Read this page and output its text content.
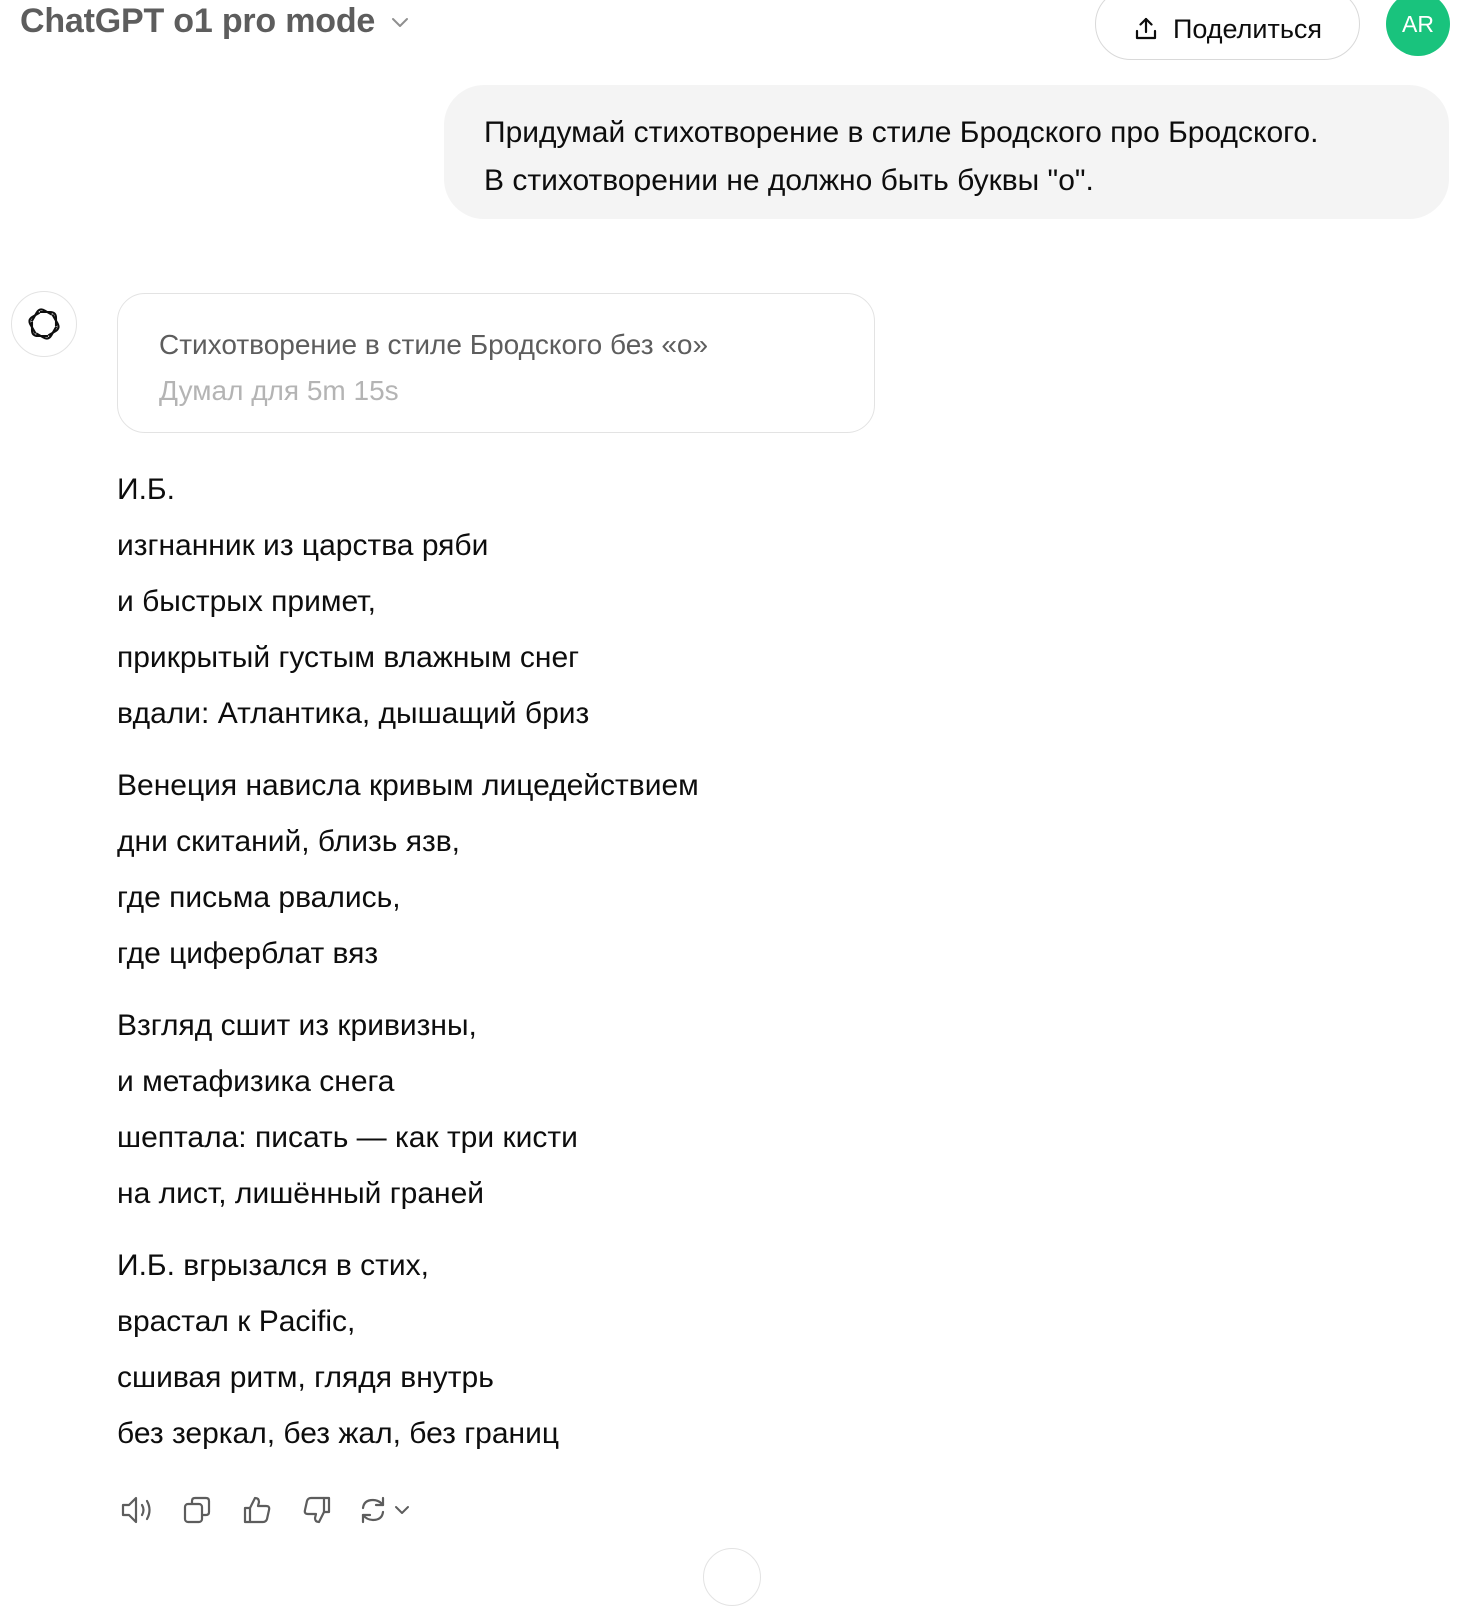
ChatGPT o1 pro mode	Поделиться	AR
Придумай стихотворение в стиле Бродского про Бродского.
В стихотворении не должно быть буквы "о".
Стихотворение в стиле Бродского без «о»
Думал для 5m 15s
И.Б.
изгнанник из царства ряби
и быстрых примет,
прикрытый густым влажным снег
вдали: Атлантика, дышащий бриз
Венеция нависла кривым лицедействием
дни скитаний, близь язв,
где письма рвались,
где циферблат вяз
Взгляд сшит из кривизны,
и метафизика снега
шептала: писать — как три кисти
на лист, лишённый граней
И.Б. вгрызался в стих,
врастал к Pacific,
сшивая ритм, глядя внутрь
без зеркал, без жал, без границ
